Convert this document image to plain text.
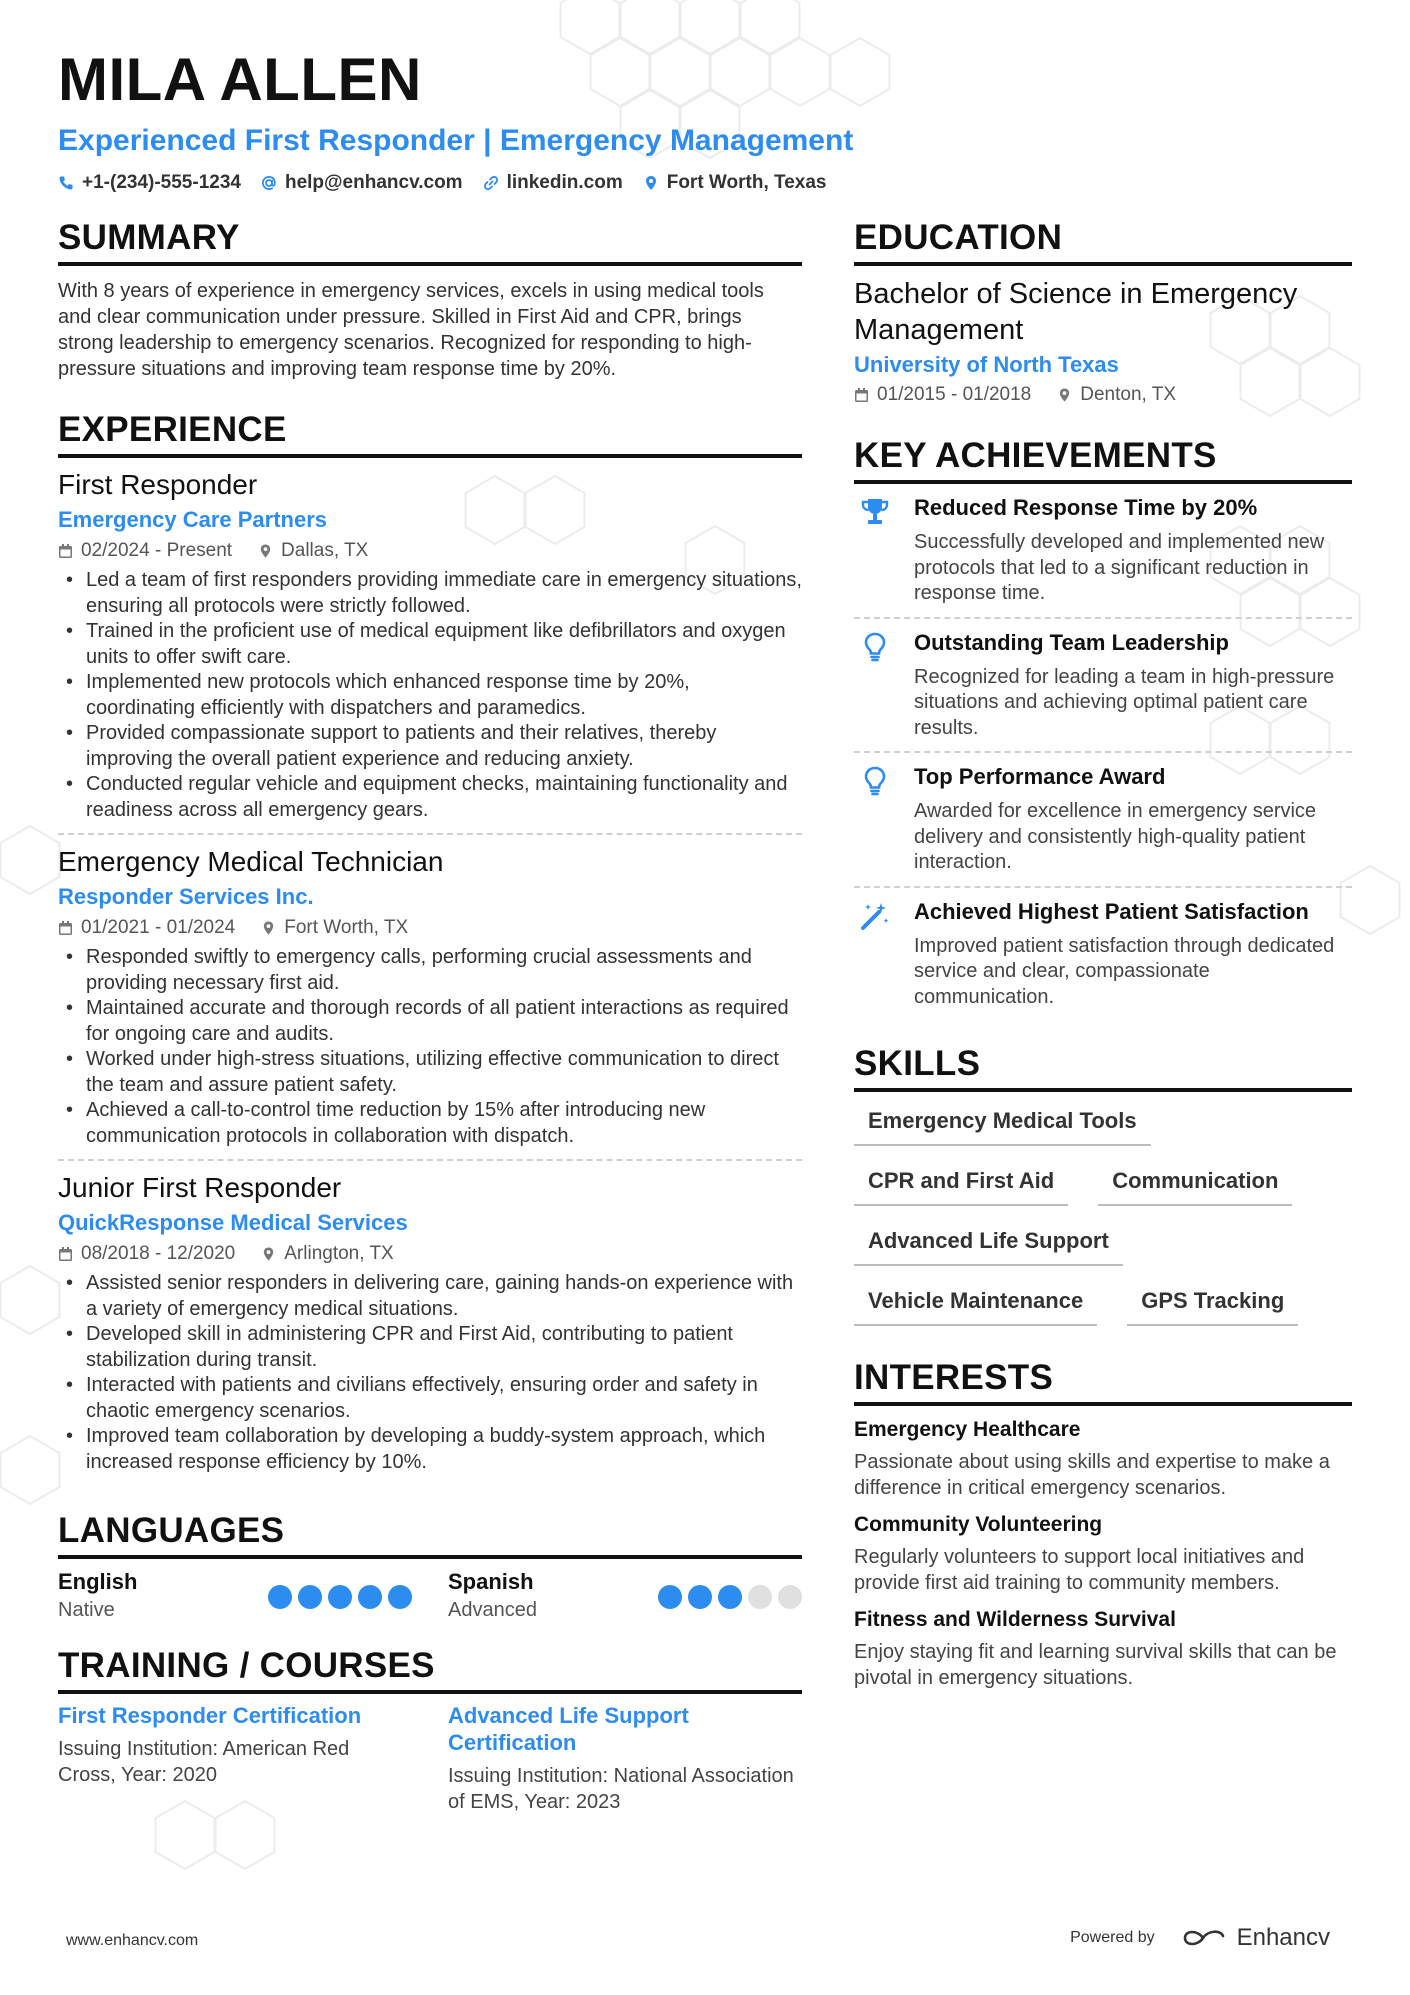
MILA ALLEN
Experienced First Responder | Emergency Management
+1-(234)-555-1234 help@enhancv.com linkedin.com Fort Worth, Texas
SUMMARY
With 8 years of experience in emergency services, excels in using medical tools and clear communication under pressure. Skilled in First Aid and CPR, brings strong leadership to emergency scenarios. Recognized for responding to high-pressure situations and improving team response time by 20%.
EXPERIENCE
First Responder
Emergency Care Partners
02/2024 - Present	Dallas, TX
• Led a team of first responders providing immediate care in emergency situations, ensuring all protocols were strictly followed.
• Trained in the proficient use of medical equipment like defibrillators and oxygen units to offer swift care.
• Implemented new protocols which enhanced response time by 20%, coordinating efficiently with dispatchers and paramedics.
• Provided compassionate support to patients and their relatives, thereby improving the overall patient experience and reducing anxiety.
• Conducted regular vehicle and equipment checks, maintaining functionality and readiness across all emergency gears.
Emergency Medical Technician
Responder Services Inc.
01/2021 - 01/2024	Fort Worth, TX
• Responded swiftly to emergency calls, performing crucial assessments and providing necessary first aid.
• Maintained accurate and thorough records of all patient interactions as required for ongoing care and audits.
• Worked under high-stress situations, utilizing effective communication to direct the team and assure patient safety.
• Achieved a call-to-control time reduction by 15% after introducing new communication protocols in collaboration with dispatch.
Junior First Responder
QuickResponse Medical Services
08/2018 - 12/2020	Arlington, TX
• Assisted senior responders in delivering care, gaining hands-on experience with a variety of emergency medical situations.
• Developed skill in administering CPR and First Aid, contributing to patient stabilization during transit.
• Interacted with patients and civilians effectively, ensuring order and safety in chaotic emergency scenarios.
• Improved team collaboration by developing a buddy-system approach, which increased response efficiency by 10%.
LANGUAGES
English
Native
Spanish
Advanced
TRAINING / COURSES
First Responder Certification
Issuing Institution: American Red Cross, Year: 2020
Advanced Life Support Certification
Issuing Institution: National Association of EMS, Year: 2023
EDUCATION
Bachelor of Science in Emergency Management
University of North Texas
01/2015 - 01/2018	Denton, TX
KEY ACHIEVEMENTS
Reduced Response Time by 20%
Successfully developed and implemented new protocols that led to a significant reduction in response time.
Outstanding Team Leadership
Recognized for leading a team in high-pressure situations and achieving optimal patient care results.
Top Performance Award
Awarded for excellence in emergency service delivery and consistently high-quality patient interaction.
Achieved Highest Patient Satisfaction
Improved patient satisfaction through dedicated service and clear, compassionate communication.
SKILLS
Emergency Medical Tools
CPR and First Aid	Communication
Advanced Life Support
Vehicle Maintenance	GPS Tracking
INTERESTS
Emergency Healthcare
Passionate about using skills and expertise to make a difference in critical emergency scenarios.
Community Volunteering
Regularly volunteers to support local initiatives and provide first aid training to community members.
Fitness and Wilderness Survival
Enjoy staying fit and learning survival skills that can be pivotal in emergency situations.
www.enhancv.com	Powered by	Enhancv
